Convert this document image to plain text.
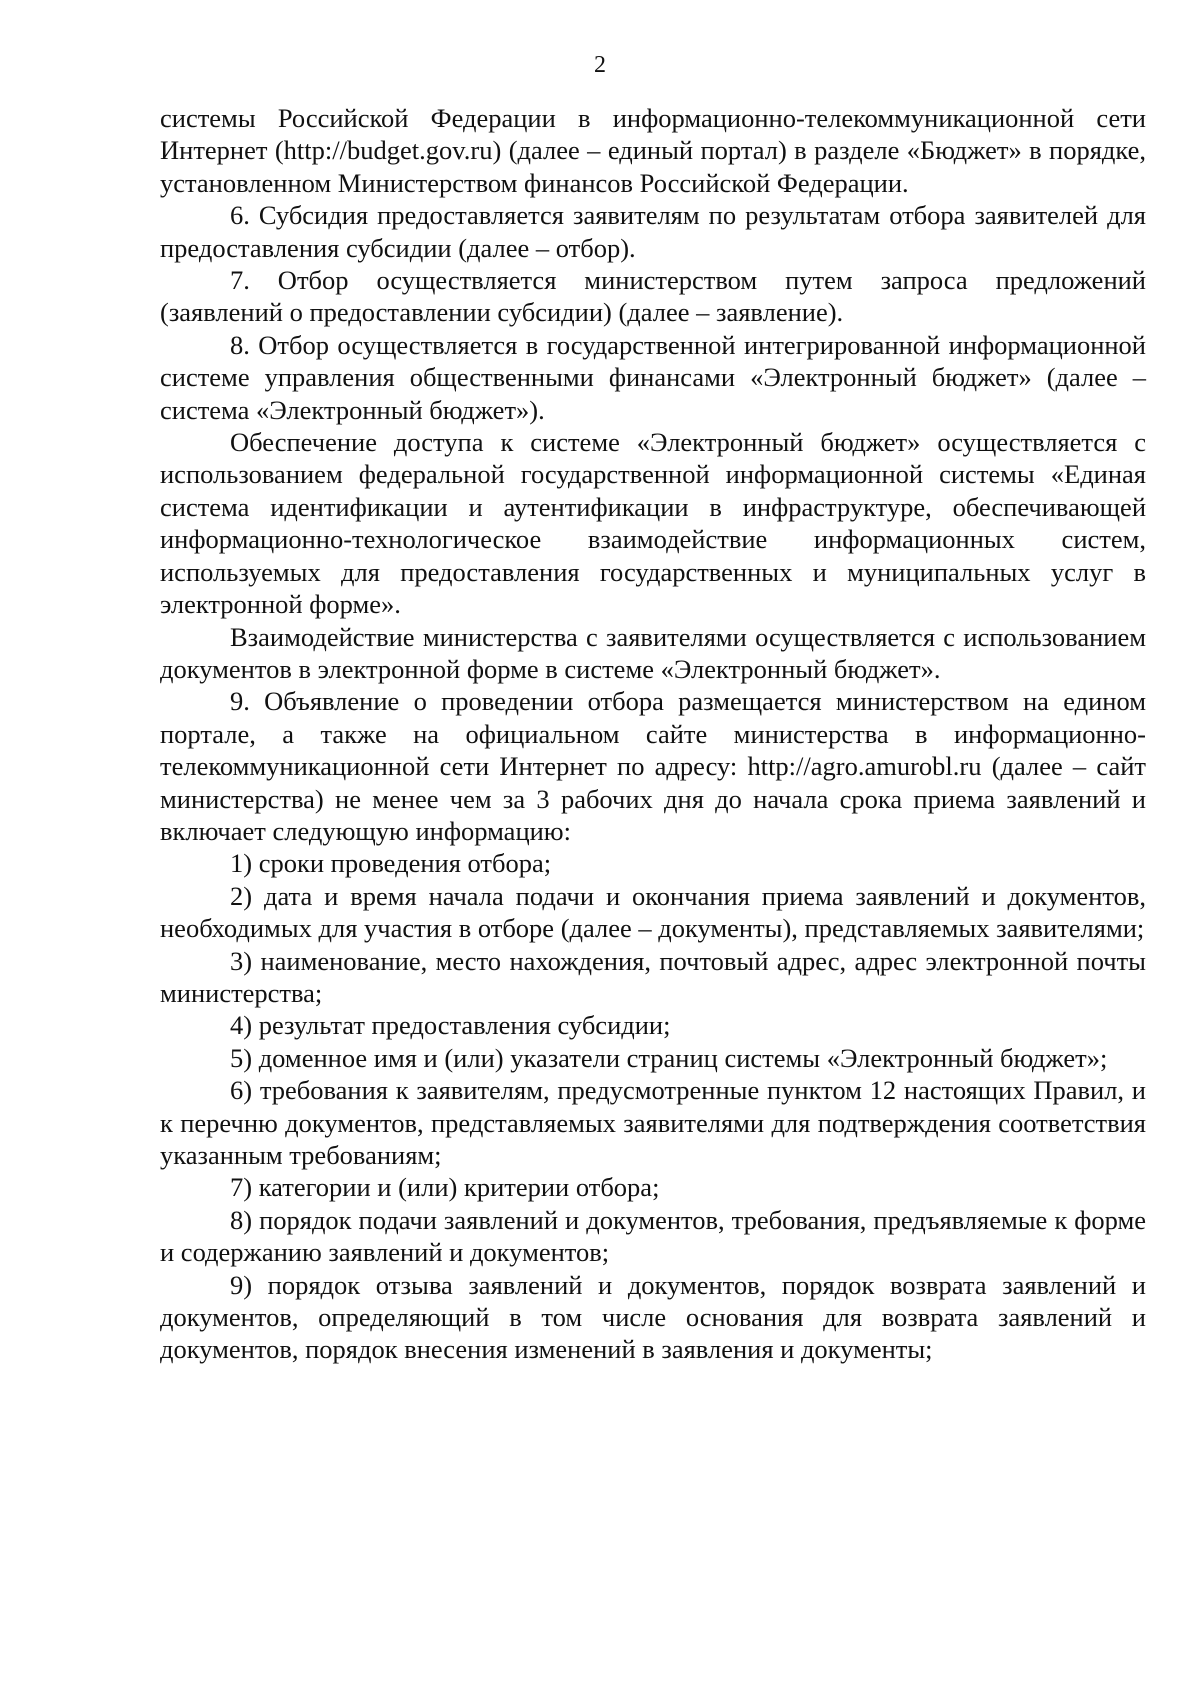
2

системы Российской Федерации в информационно-телекоммуникационной сети Интернет (http://budget.gov.ru) (далее – единый портал) в разделе «Бюджет» в порядке, установленном Министерством финансов Российской Федерации.

6. Субсидия предоставляется заявителям по результатам отбора заявителей для предоставления субсидии (далее – отбор).

7. Отбор осуществляется министерством путем запроса предложений (заявлений о предоставлении субсидии) (далее – заявление).

8. Отбор осуществляется в государственной интегрированной информационной системе управления общественными финансами «Электронный бюджет» (далее – система «Электронный бюджет»).

Обеспечение доступа к системе «Электронный бюджет» осуществляется с использованием федеральной государственной информационной системы «Единая система идентификации и аутентификации в инфраструктуре, обеспечивающей информационно-технологическое взаимодействие информационных систем, используемых для предоставления государственных и муниципальных услуг в электронной форме».

Взаимодействие министерства с заявителями осуществляется с использованием документов в электронной форме в системе «Электронный бюджет».

9. Объявление о проведении отбора размещается министерством на едином портале, а также на официальном сайте министерства в информационно-телекоммуникационной сети Интернет по адресу: http://agro.amurobl.ru (далее – сайт министерства) не менее чем за 3 рабочих дня до начала срока приема заявлений и включает следующую информацию:

1) сроки проведения отбора;

2) дата и время начала подачи и окончания приема заявлений и документов, необходимых для участия в отборе (далее – документы), представляемых заявителями;

3) наименование, место нахождения, почтовый адрес, адрес электронной почты министерства;

4) результат предоставления субсидии;

5) доменное имя и (или) указатели страниц системы «Электронный бюджет»;

6) требования к заявителям, предусмотренные пунктом 12 настоящих Правил, и к перечню документов, представляемых заявителями для подтверждения соответствия указанным требованиям;

7) категории и (или) критерии отбора;

8) порядок подачи заявлений и документов, требования, предъявляемые к форме и содержанию заявлений и документов;

9) порядок отзыва заявлений и документов, порядок возврата заявлений и документов, определяющий в том числе основания для возврата заявлений и документов, порядок внесения изменений в заявления и документы;
